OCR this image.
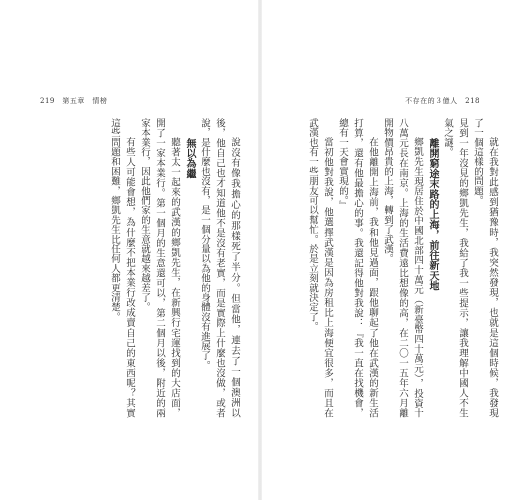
219　第五章　情榜

說沒有像我擔心的那樣死了半分。但當他，連去了一個澳洲以後，他自己也才知道他不是沒有老實，而是實際上什麼也沒做，或者說，是什麼也沒有，是一個分量以為他的身體沒有進展了。

無以為繼

聽著太一起來的武漢的鄉凱先生，在新興行宅運找到的大店面，開了一家本業行。第一個月的生意還可以，第二個月以後，附近的兩家本業行，因此他們家的生意就越來越差了。

有些人可能會想，為什麼不把本業行改成賣自己的東西呢？其實這些問題和困難，鄉凱先生比任何人都更清楚。

不存在的３億人　218

就在我對此感到猶豫時，我突然發現，也就是這個時候，我發現了一個這樣的問題。

見到一年沒見的鄉凱先生，我給了我一些提示，讓我理解中國人不生氣之謎。

離開窮途末路的上海，前往新天地

鄉凱先生現居住於中國北部四十萬元（新臺幣四十萬元），投資十八萬元長在南京。上海的生活費遠比想像的高，在二〇一五年六月離開物價昂貴的上海，轉到了武漢。

在他離開上海前，我和他見過面，跟他聊起了他在武漢的新生活打算，還有他最擔心的事。我還記得他對我說：『我一直在找機會，總有一天會實現的。』

當初他對我說，他選擇武漢是因為房租比上海便宜很多，而且在武漢也有一些朋友可以幫忙。於是立刻就決定了。
